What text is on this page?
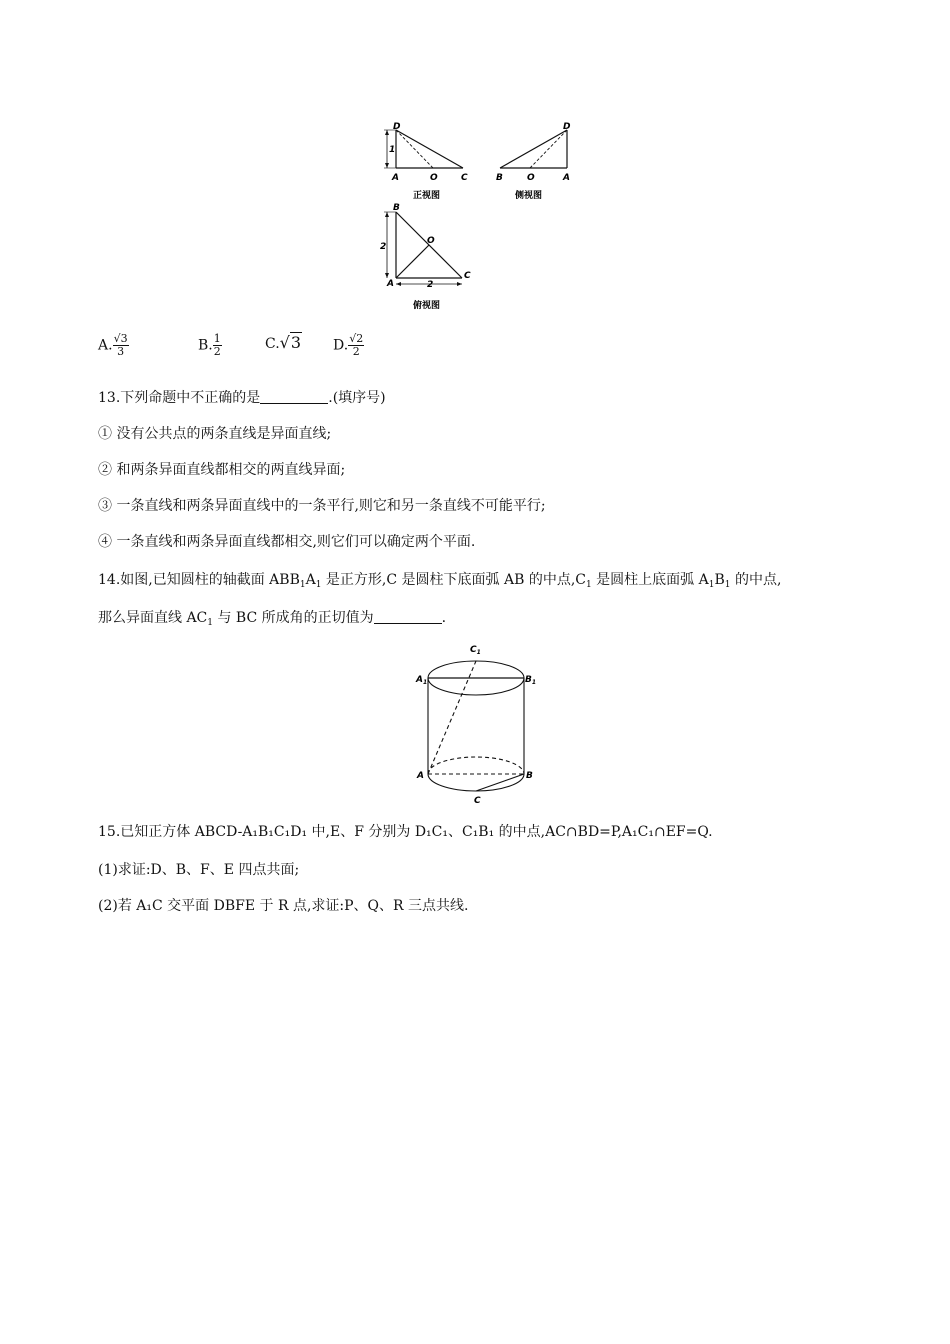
D
A	O	C
1
正视图
D
B	O	A
侧视图
B
O
A
C
2
2
俯视图
A. $\frac{√3}{3}$	B. $\frac{1}{2}$	C.√3 D. $\frac{√2}{2}$
13.下列命题中不正确的是	.(填序号)
① 没有公共点的两条直线是异面直线;
② 和两条异面直线都相交的两直线异面;
③ 一条直线和两条异面直线中的一条平行,则它和另一条直线不可能平行;
④ 一条直线和两条异面直线都相交,则它们可以确定两个平面.
14.如图,已知圆柱的轴截面 $ABB_1A_1$ 是正方形,C 是圆柱下底面弧 AB 的中点$,C_1$ 是圆柱上底面弧 $A_1B_1$ 的中点,
那么异面直线 $AC_1$ 与 BC 所成角的正切值为	.
$C_1$
$A_1$	$B_1$
A	B
C
15.已知正方体 ABCD-A₁B₁C₁D₁ 中,E、F 分别为 D₁C₁、C₁B₁ 的中点,AC∩BD=P,A₁C₁∩EF=Q.
(1)求证:D、B、F、E 四点共面;
(2)若 A₁C 交平面 DBFE 于 R 点,求证:P、Q、R 三点共线.
